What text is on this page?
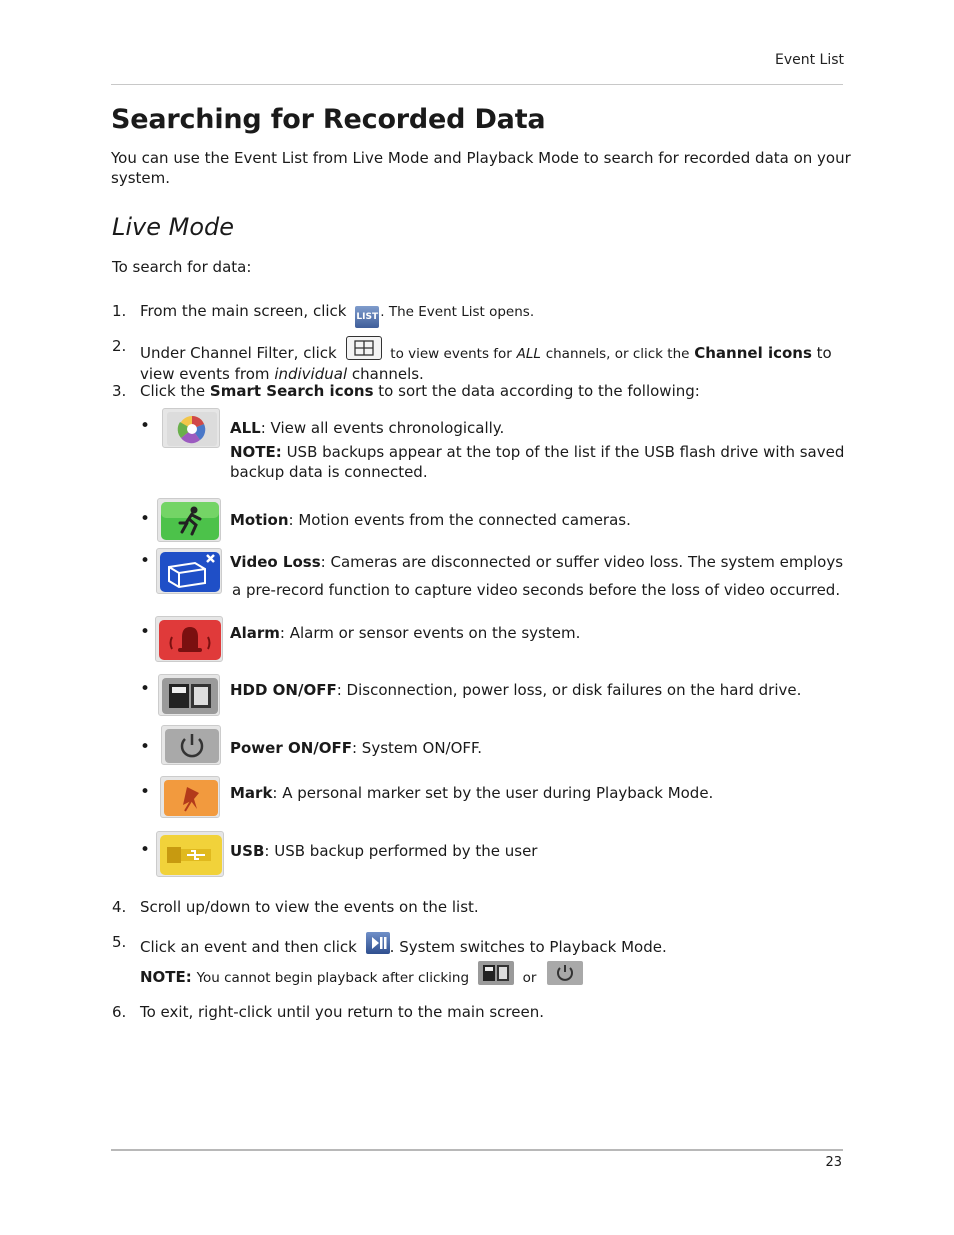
Event List
Searching for Recorded Data
You can use the Event List from Live Mode and Playback Mode to search for recorded data on your system.
Live Mode
To search for data:
1. From the main screen, click LIST . The Event List opens.
2. Under Channel Filter, click	to view events for ALL channels, or click the Channel icons to
view events from individual channels.
3. Click the Smart Search icons to sort the data according to the following:
•	ALL: View all events chronologically.
NOTE: USB backups appear at the top of the list if the USB flash drive with saved backup data is connected.
•	Motion: Motion events from the connected cameras.
•	Video Loss: Cameras are disconnected or suffer video loss. The system employs
a pre-record function to capture video seconds before the loss of video occurred.
•	Alarm: Alarm or sensor events on the system.
•	HDD ON/OFF: Disconnection, power loss, or disk failures on the hard drive.
•	Power ON/OFF: System ON/OFF.
•	Mark: A personal marker set by the user during Playback Mode.
•	USB: USB backup performed by the user
4. Scroll up/down to view the events on the list.
5. Click an event and then click . System switches to Playback Mode.
NOTE: You cannot begin playback after clicking	or
6. To exit, right-click until you return to the main screen.
23
